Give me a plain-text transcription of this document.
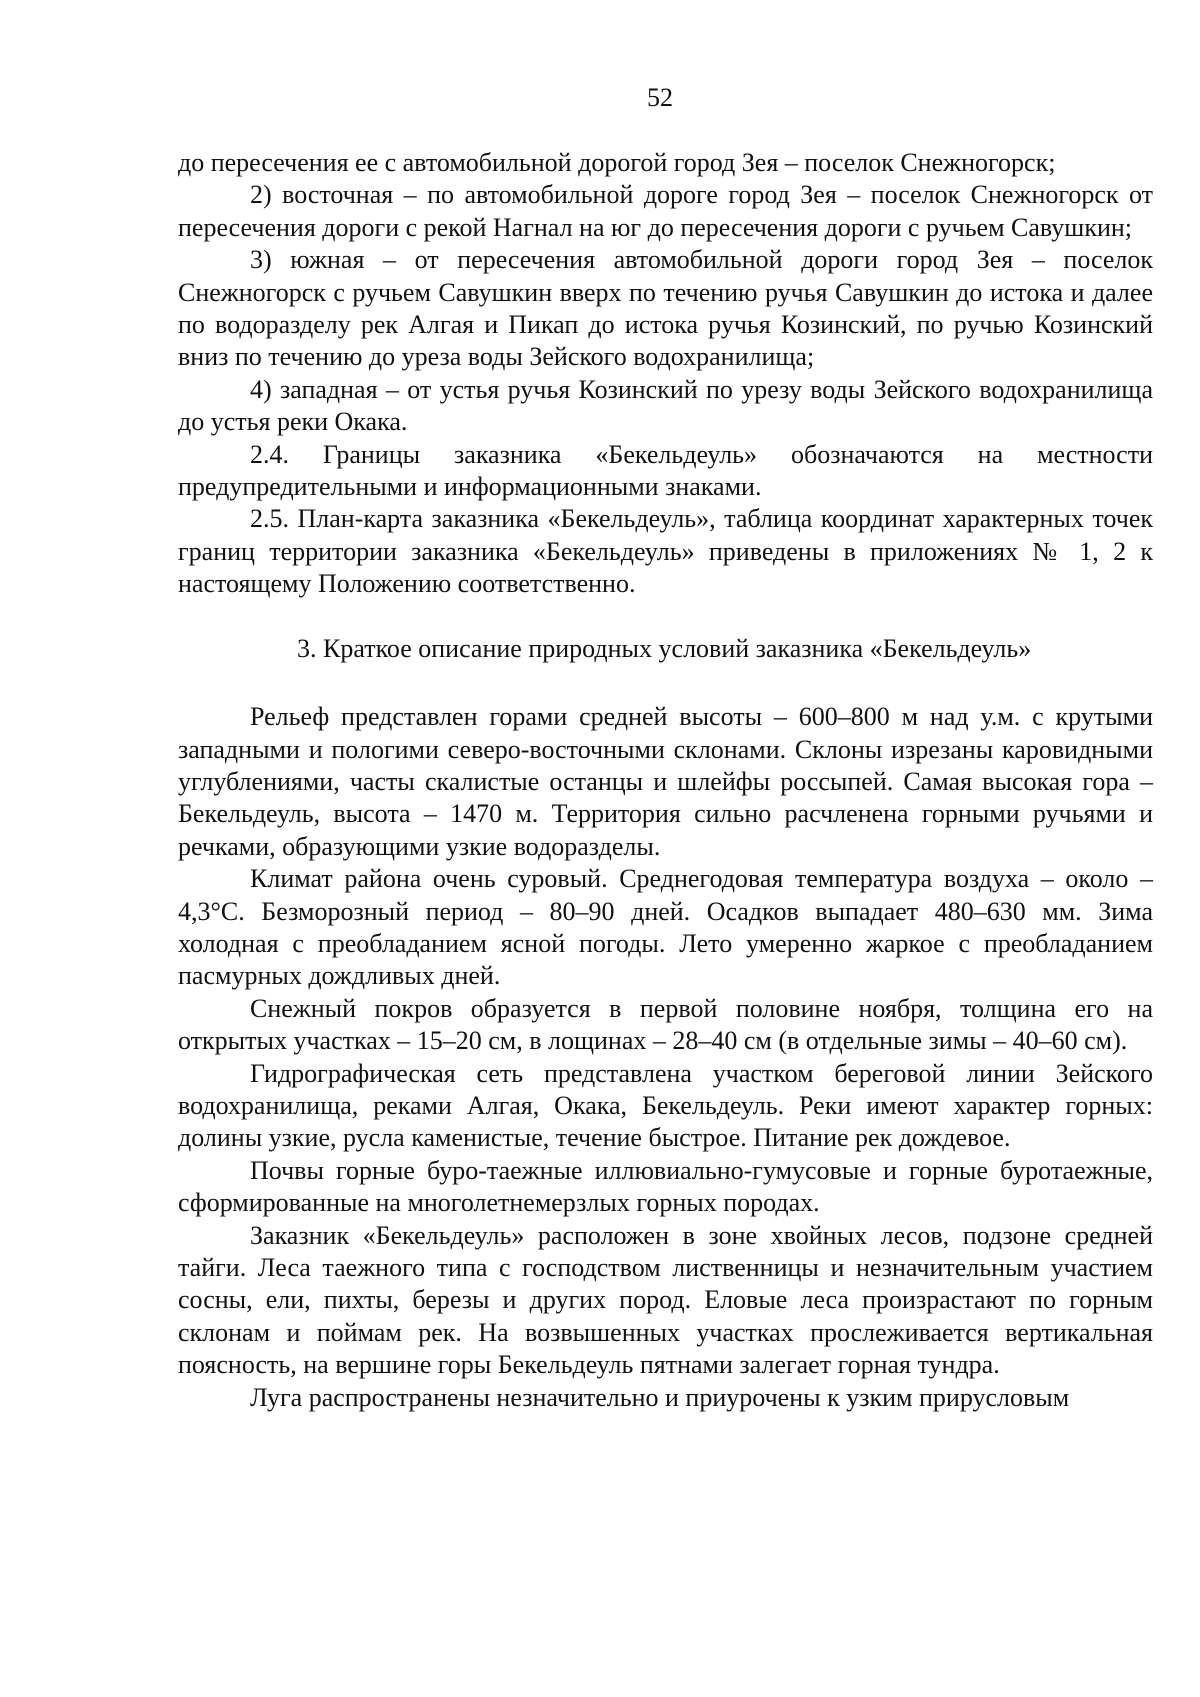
52

до пересечения ее с автомобильной дорогой город Зея – поселок Снежногорск;

2) восточная – по автомобильной дороге город Зея – поселок Снежногорск от пересечения дороги с рекой Нагнал на юг до пересечения дороги с ручьем Савушкин;

3) южная – от пересечения автомобильной дороги город Зея – поселок Снежногорск с ручьем Савушкин вверх по течению ручья Савушкин до истока и далее по водоразделу рек Алгая и Пикап до истока ручья Козинский, по ручью Козинский вниз по течению до уреза воды Зейского водохранилища;

4) западная – от устья ручья Козинский по урезу воды Зейского водохранилища до устья реки Окака.

2.4. Границы заказника «Бекельдеуль» обозначаются на местности предупредительными и информационными знаками.

2.5. План-карта заказника «Бекельдеуль», таблица координат характерных точек границ территории заказника «Бекельдеуль» приведены в приложениях № 1, 2 к настоящему Положению соответственно.

3. Краткое описание природных условий заказника «Бекельдеуль»

Рельеф представлен горами средней высоты – 600–800 м над у.м. с крутыми западными и пологими северо-восточными склонами. Склоны изрезаны каровидными углублениями, часты скалистые останцы и шлейфы россыпей. Самая высокая гора – Бекельдеуль, высота – 1470 м. Территория сильно расчленена горными ручьями и речками, образующими узкие водоразделы.

Климат района очень суровый. Среднегодовая температура воздуха – около –4,3°С. Безморозный период – 80–90 дней. Осадков выпадает 480–630 мм. Зима холодная с преобладанием ясной погоды. Лето умеренно жаркое с преобладанием пасмурных дождливых дней.

Снежный покров образуется в первой половине ноября, толщина его на открытых участках – 15–20 см, в лощинах – 28–40 см (в отдельные зимы – 40–60 см).

Гидрографическая сеть представлена участком береговой линии Зейского водохранилища, реками Алгая, Окака, Бекельдеуль. Реки имеют характер горных: долины узкие, русла каменистые, течение быстрое. Питание рек дождевое.

Почвы горные буро-таежные иллювиально-гумусовые и горные буротаежные, сформированные на многолетнемерзлых горных породах.

Заказник «Бекельдеуль» расположен в зоне хвойных лесов, подзоне средней тайги. Леса таежного типа с господством лиственницы и незначительным участием сосны, ели, пихты, березы и других пород. Еловые леса произрастают по горным склонам и поймам рек. На возвышенных участках прослеживается вертикальная поясность, на вершине горы Бекельдеуль пятнами залегает горная тундра.

Луга распространены незначительно и приурочены к узким прирусловым
